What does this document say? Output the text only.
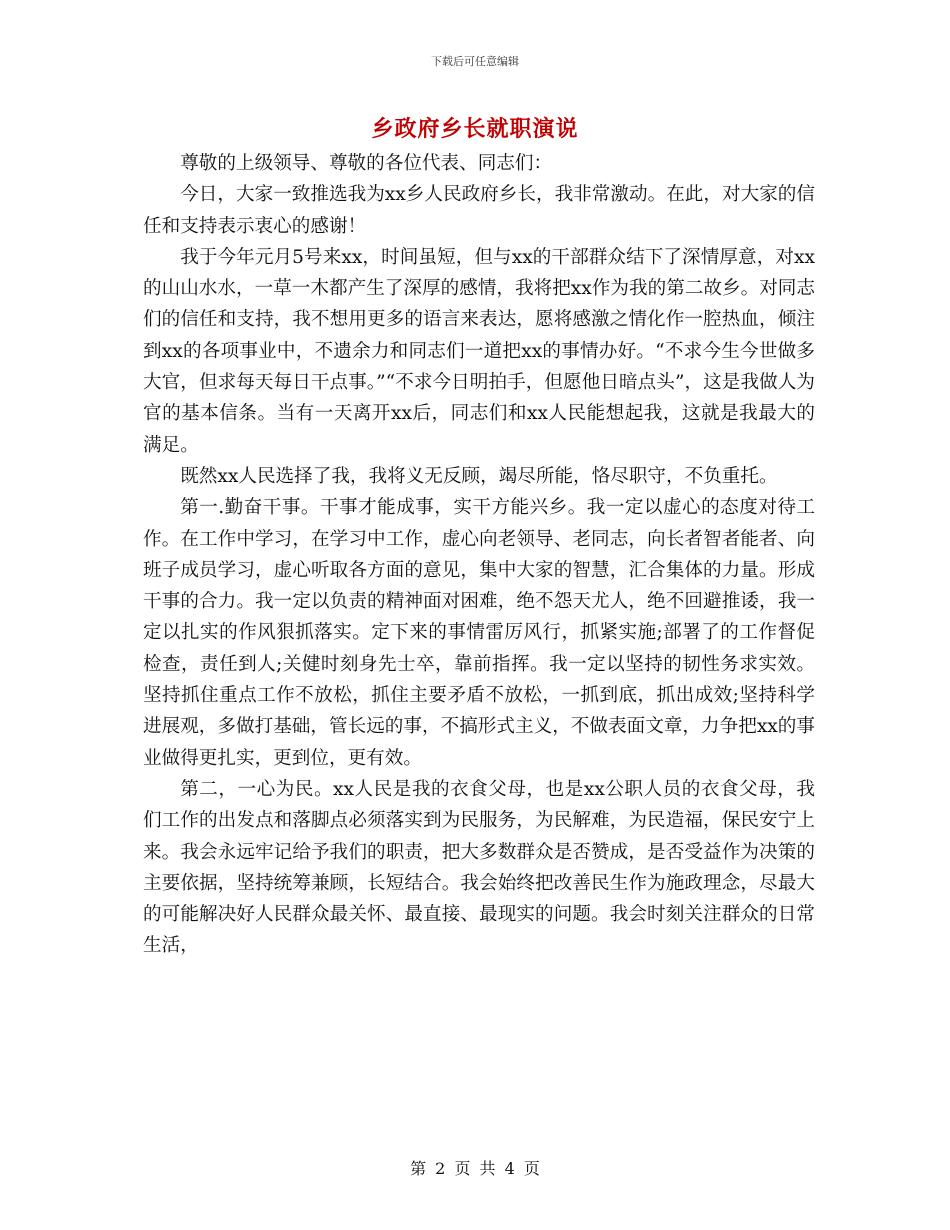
下载后可任意编辑
乡政府乡长就职演说

尊敬的上级领导、尊敬的各位代表、同志们：

今日，大家一致推选我为xx乡人民政府乡长，我非常激动。在此，对大家的信任和支持表示衷心的感谢！

我于今年元月5号来xx，时间虽短，但与xx的干部群众结下了深情厚意，对xx的山山水水，一草一木都产生了深厚的感情，我将把xx作为我的第二故乡。对同志们的信任和支持，我不想用更多的语言来表达，愿将感激之情化作一腔热血，倾注到xx的各项事业中，不遗余力和同志们一道把xx的事情办好。“不求今生今世做多大官，但求每天每日干点事。”“不求今日明拍手，但愿他日暗点头”，这是我做人为官的基本信条。当有一天离开xx后，同志们和xx人民能想起我，这就是我最大的满足。

既然xx人民选择了我，我将义无反顾，竭尽所能，恪尽职守，不负重托。

第一.勤奋干事。干事才能成事，实干方能兴乡。我一定以虚心的态度对待工作。在工作中学习，在学习中工作，虚心向老领导、老同志，向长者智者能者、向班子成员学习，虚心听取各方面的意见，集中大家的智慧，汇合集体的力量。形成干事的合力。我一定以负责的精神面对困难，绝不怨天尤人，绝不回避推诿，我一定以扎实的作风狠抓落实。定下来的事情雷厉风行，抓紧实施;部署了的工作督促检查，责任到人;关健时刻身先士卒，靠前指挥。我一定以坚持的韧性务求实效。坚持抓住重点工作不放松，抓住主要矛盾不放松，一抓到底，抓出成效;坚持科学进展观，多做打基础，管长远的事，不搞形式主义，不做表面文章，力争把xx的事业做得更扎实，更到位，更有效。

第二，一心为民。xx人民是我的衣食父母，也是xx公职人员的衣食父母，我们工作的出发点和落脚点必须落实到为民服务，为民解难，为民造福，保民安宁上来。我会永远牢记给予我们的职责，把大多数群众是否赞成，是否受益作为决策的主要依据，坚持统筹兼顾，长短结合。我会始终把改善民生作为施政理念，尽最大的可能解决好人民群众最关怀、最直接、最现实的问题。我会时刻关注群众的日常生活，

第 2 页 共 4 页
